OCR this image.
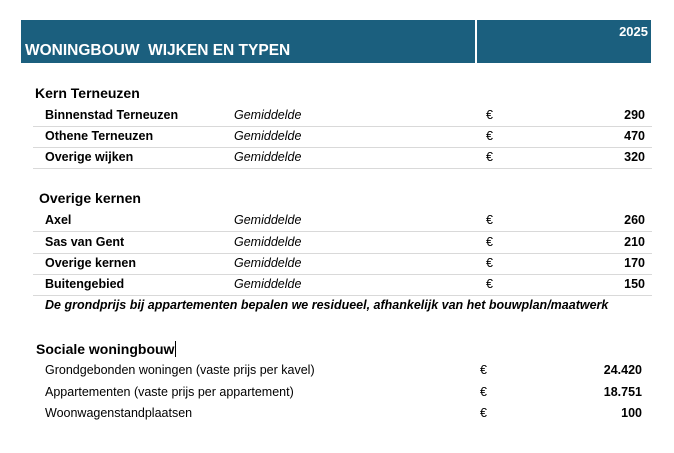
WONINGBOUW  WIJKEN EN TYPEN
2025
Kern Terneuzen
Binnenstad Terneuzen	Gemiddelde	€	290
Othene Terneuzen	Gemiddelde	€	470
Overige wijken	Gemiddelde	€	320
Overige kernen
Axel	Gemiddelde	€	260
Sas van Gent	Gemiddelde	€	210
Overige kernen	Gemiddelde	€	170
Buitengebied	Gemiddelde	€	150
De grondprijs bij appartementen bepalen we residueel, afhankelijk van het bouwplan/maatwerk
Sociale woningbouw
Grondgebonden woningen (vaste prijs per kavel)	€	24.420
Appartementen (vaste prijs per appartement)	€	18.751
Woonwagenstandplaatsen	€	100
